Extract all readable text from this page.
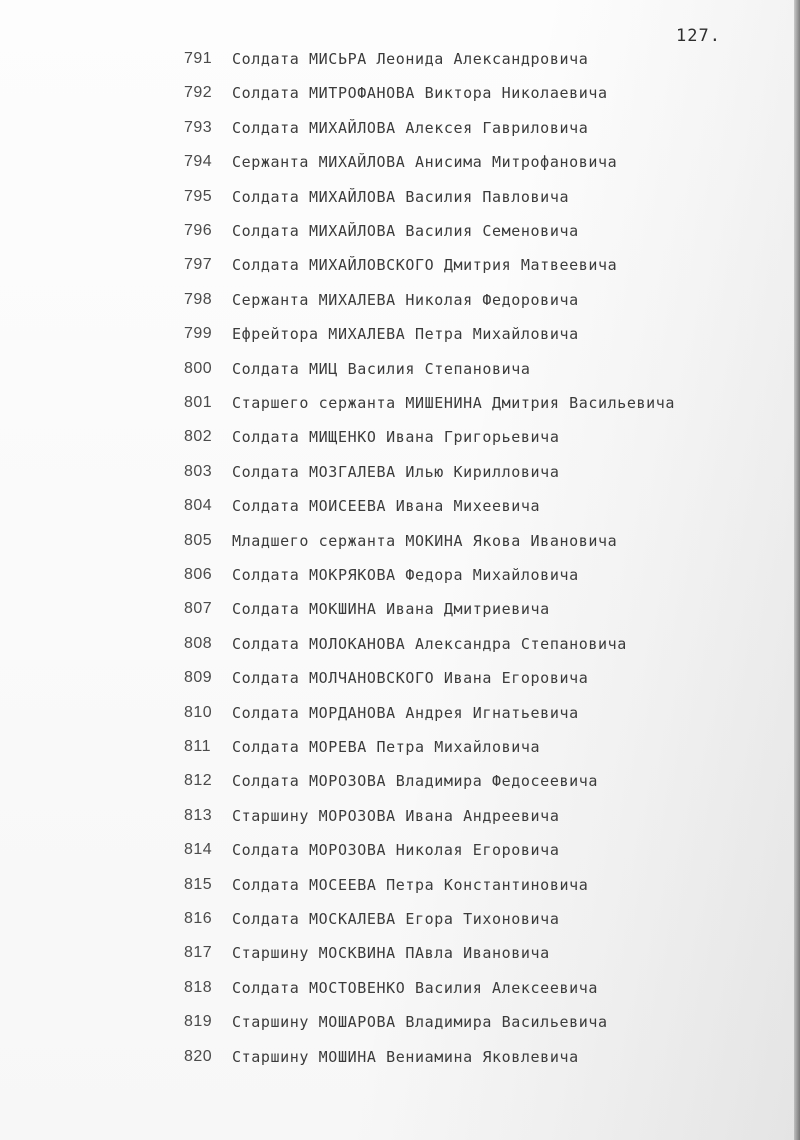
127.
791 Солдата МИСЬРА Леонида Александровича
792 Солдата МИТРОФАНОВА Виктора Николаевича
793 Солдата МИХАЙЛОВА Алексея Гавриловича
794 Сержанта МИХАЙЛОВА Анисима Митрофановича
795 Солдата МИХАЙЛОВА Василия Павловича
796 Солдата МИХАЙЛОВА Василия Семеновича
797 Солдата МИХАЙЛОВСКОГО Дмитрия Матвеевича
798 Сержанта МИХАЛЕВА Николая Федоровича
799 Ефрейтора МИХАЛЕВА Петра Михайловича
800 Солдата МИЦ Василия Степановича
801 Старшего сержанта МИШЕНИНА Дмитрия Васильевича
802 Солдата МИЩЕНКО Ивана Григорьевича
803 Солдата МОЗГАЛЕВА Илью Кирилловича
804 Солдата МОИСЕЕВА Ивана Михеевича
805 Младшего сержанта МОКИНА Якова Ивановича
806 Солдата МОКРЯКОВА Федора Михайловича
807 Солдата МОКШИНА Ивана Дмитриевича
808 Солдата МОЛОКАНОВА Александра Степановича
809 Солдата МОЛЧАНОВСКОГО Ивана Егоровича
810 Солдата МОРДАНОВА Андрея Игнатьевича
811 Солдата МОРЕВА Петра Михайловича
812 Солдата МОРОЗОВА Владимира Федосеевича
813 Старшину МОРОЗОВА Ивана Андреевича
814 Солдата МОРОЗОВА Николая Егоровича
815 Солдата МОСЕЕВА Петра Константиновича
816 Солдата МОСКАЛЕВА Егора Тихоновича
817 Старшину МОСКВИНА ПАвла Ивановича
818 Солдата МОСТОВЕНКО Василия Алексеевича
819 Старшину МОШАРОВА Владимира Васильевича
820 Старшину МОШИНА Вениамина Яковлевича
